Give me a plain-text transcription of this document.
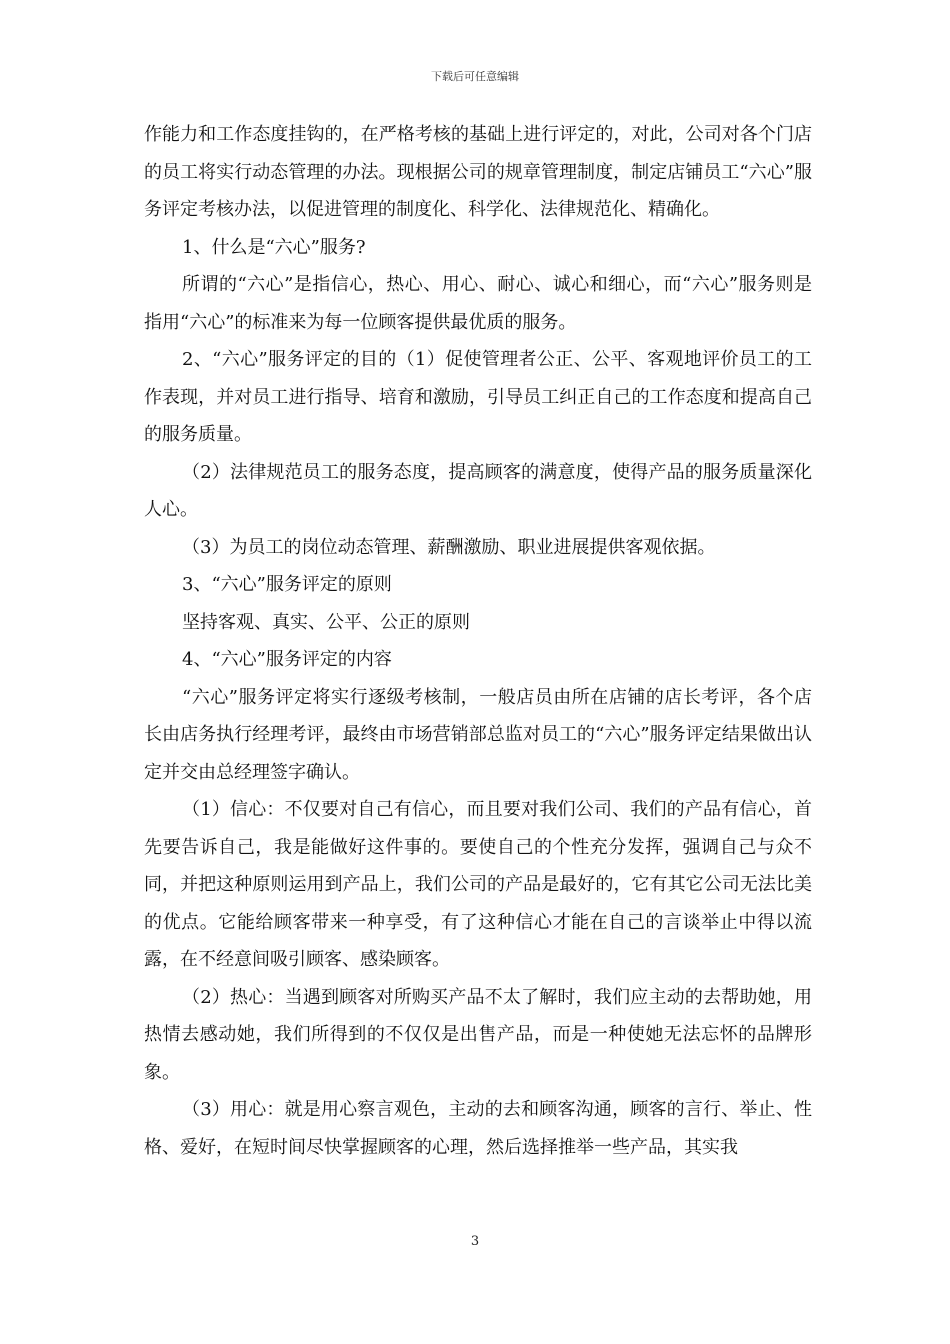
下载后可任意编辑

作能力和工作态度挂钩的，在严格考核的基础上进行评定的，对此，公司对各个门店的员工将实行动态管理的办法。现根据公司的规章管理制度，制定店铺员工“六心”服务评定考核办法，以促进管理的制度化、科学化、法律规范化、精确化。

1、什么是“六心”服务?

所谓的“六心”是指信心，热心、用心、耐心、诚心和细心，而“六心”服务则是指用“六心”的标准来为每一位顾客提供最优质的服务。

2、“六心”服务评定的目的（1）促使管理者公正、公平、客观地评价员工的工作表现，并对员工进行指导、培育和激励，引导员工纠正自己的工作态度和提高自己的服务质量。

（2）法律规范员工的服务态度，提高顾客的满意度，使得产品的服务质量深化人心。

（3）为员工的岗位动态管理、薪酬激励、职业进展提供客观依据。

3、“六心”服务评定的原则

坚持客观、真实、公平、公正的原则

4、“六心”服务评定的内容

“六心”服务评定将实行逐级考核制，一般店员由所在店铺的店长考评，各个店长由店务执行经理考评，最终由市场营销部总监对员工的“六心”服务评定结果做出认定并交由总经理签字确认。

（1）信心：不仅要对自己有信心，而且要对我们公司、我们的产品有信心，首先要告诉自己，我是能做好这件事的。要使自己的个性充分发挥，强调自己与众不同，并把这种原则运用到产品上，我们公司的产品是最好的，它有其它公司无法比美的优点。它能给顾客带来一种享受，有了这种信心才能在自己的言谈举止中得以流露，在不经意间吸引顾客、感染顾客。

（2）热心：当遇到顾客对所购买产品不太了解时，我们应主动的去帮助她，用热情去感动她，我们所得到的不仅仅是出售产品，而是一种使她无法忘怀的品牌形象。

（3）用心：就是用心察言观色，主动的去和顾客沟通，顾客的言行、举止、性格、爱好，在短时间尽快掌握顾客的心理，然后选择推举一些产品，其实我

3
